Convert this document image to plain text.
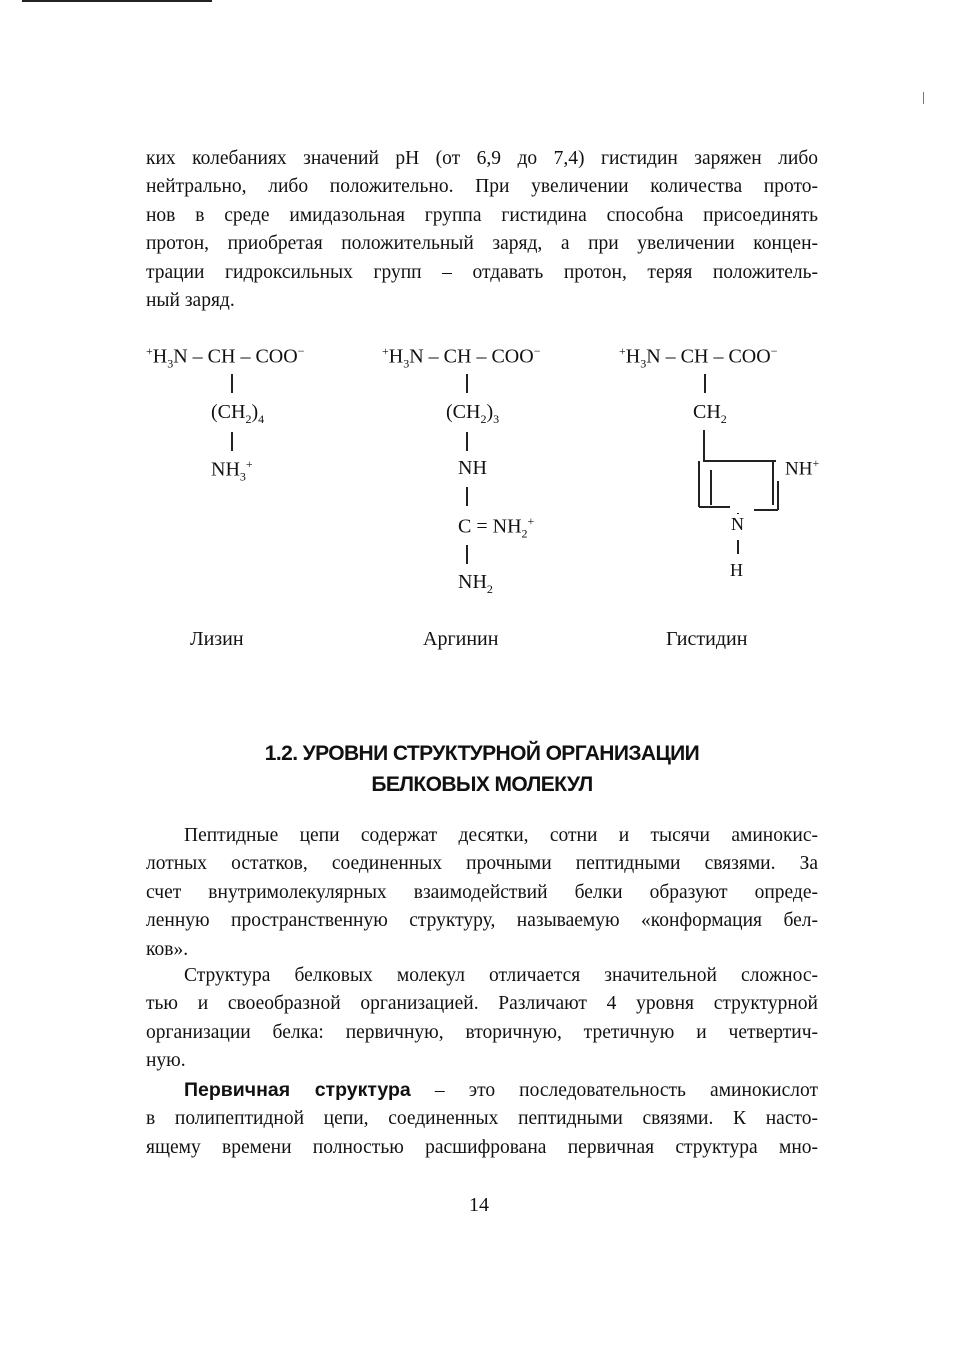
ких колебаниях значений рН (от 6,9 до 7,4) гистидин заряжен либо
нейтрально, либо положительно. При увеличении количества прото-
нов в среде имидазольная группа гистидина способна присоединять
протон, приобретая положительный заряд, а при увеличении концен-
трации гидроксильных групп – отдавать протон, теряя положитель-
ный заряд.
$^+H_3N$ – CH – COO−
$(CH_2)_4$
$NH_3^+$
Лизин
$^+H_3N$ – CH – COO−
$(CH_2)_3$
NH
$C = NH_2^+$
$NH_2$
Аргинин
$^+H_3N$ – CH – COO−
$CH_2$
NH+
N
H
Гистидин
1.2. УРОВНИ СТРУКТУРНОЙ ОРГАНИЗАЦИИ
БЕЛКОВЫХ МОЛЕКУЛ
Пептидные цепи содержат десятки, сотни и тысячи аминокис-
лотных остатков, соединенных прочными пептидными связями. За
счет внутримолекулярных взаимодействий белки образуют опреде-
ленную пространственную структуру, называемую «конформация бел-
ков».
Структура белковых молекул отличается значительной сложнос-
тью и своеобразной организацией. Различают 4 уровня структурной
организации белка: первичную, вторичную, третичную и четвертич-
ную.
Первичная структура – это последовательность аминокислот
в полипептидной цепи, соединенных пептидными связями. К насто-
ящему времени полностью расшифрована первичная структура мно-
14
